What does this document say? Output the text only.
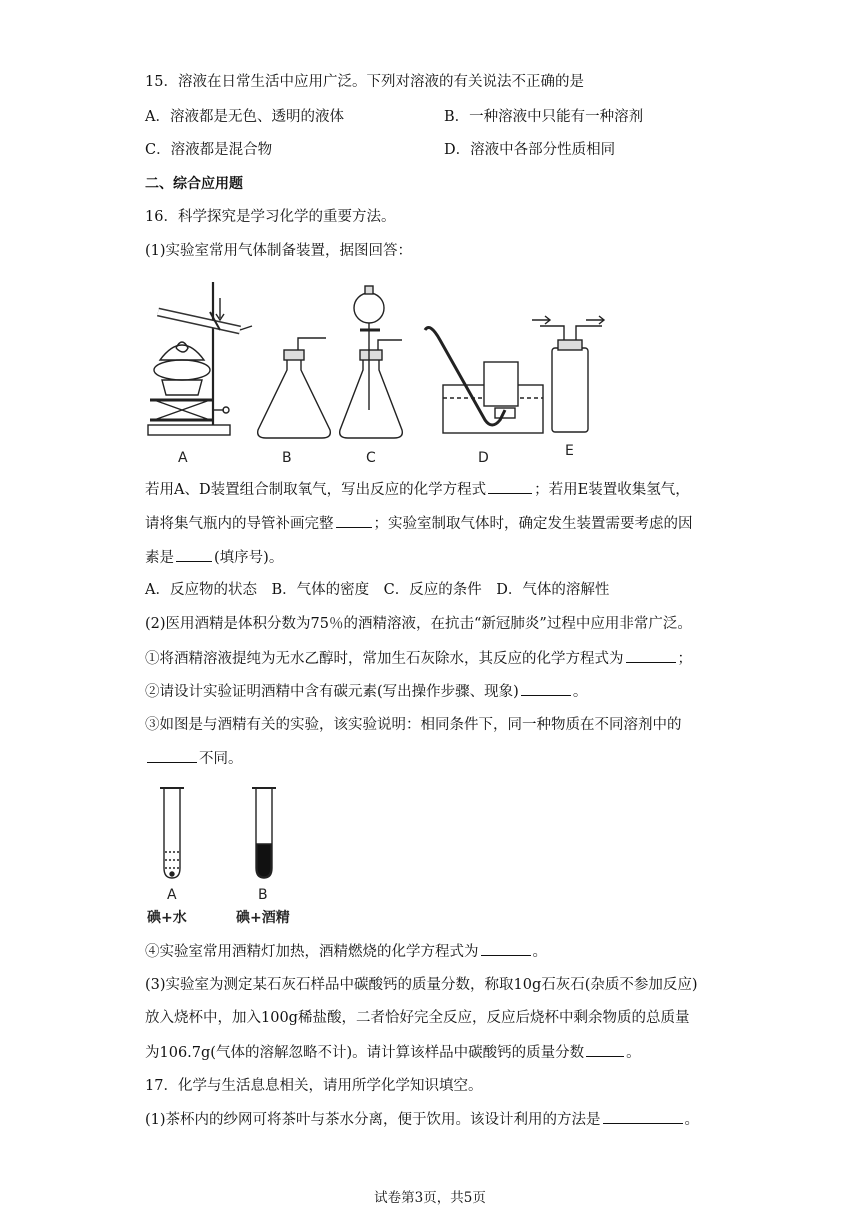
15．溶液在日常生活中应用广泛。下列对溶液的有关说法不正确的是
A．溶液都是无色、透明的液体	B．一种溶液中只能有一种溶剂
C．溶液都是混合物	D．溶液中各部分性质相同
二、综合应用题
16．科学探究是学习化学的重要方法。
(1)实验室常用气体制备装置，据图回答：
A	B	C	D	E
若用A、D装置组合制取氧气，写出反应的化学方程式	；若用E装置收集氢气，
请将集气瓶内的导管补画完整	；实验室制取气体时，确定发生装置需要考虑的因
素是	(填序号)。
A．反应物的状态　B．气体的密度　C．反应的条件　D．气体的溶解性
(2)医用酒精是体积分数为75％的酒精溶液，在抗击“新冠肺炎”过程中应用非常广泛。
①将酒精溶液提纯为无水乙醇时，常加生石灰除水，其反应的化学方程式为	；
②请设计实验证明酒精中含有碳元素(写出操作步骤、现象)	。
③如图是与酒精有关的实验，该实验说明：相同条件下，同一种物质在不同溶剂中的
不同。
A	B
碘+水	碘+酒精
④实验室常用酒精灯加热，酒精燃烧的化学方程式为	。
(3)实验室为测定某石灰石样品中碳酸钙的质量分数，称取10g石灰石(杂质不参加反应)
放入烧杯中，加入100g稀盐酸，二者恰好完全反应，反应后烧杯中剩余物质的总质量
为106.7g(气体的溶解忽略不计)。请计算该样品中碳酸钙的质量分数	。
17．化学与生活息息相关，请用所学化学知识填空。
(1)茶杯内的纱网可将茶叶与茶水分离，便于饮用。该设计利用的方法是	。
试卷第3页，共5页
